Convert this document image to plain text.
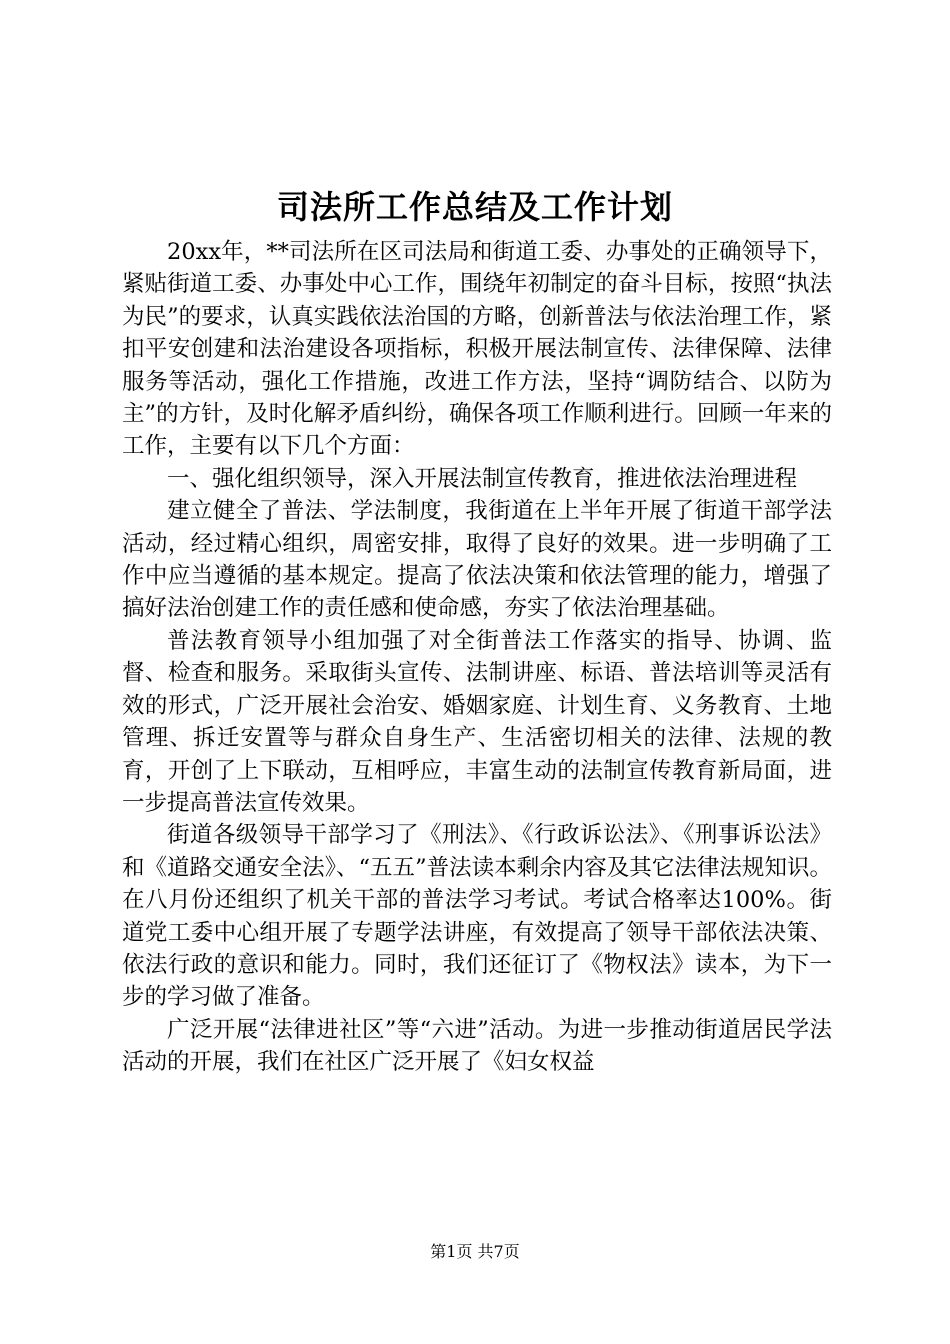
司法所工作总结及工作计划

20xx年，**司法所在区司法局和街道工委、办事处的正确领导下，紧贴街道工委、办事处中心工作，围绕年初制定的奋斗目标，按照“执法为民”的要求，认真实践依法治国的方略，创新普法与依法治理工作，紧扣平安创建和法治建设各项指标，积极开展法制宣传、法律保障、法律服务等活动，强化工作措施，改进工作方法，坚持“调防结合、以防为主”的方针，及时化解矛盾纠纷，确保各项工作顺利进行。回顾一年来的工作，主要有以下几个方面：

一、强化组织领导，深入开展法制宣传教育，推进依法治理进程

建立健全了普法、学法制度，我街道在上半年开展了街道干部学法活动，经过精心组织，周密安排，取得了良好的效果。进一步明确了工作中应当遵循的基本规定。提高了依法决策和依法管理的能力，增强了搞好法治创建工作的责任感和使命感，夯实了依法治理基础。

普法教育领导小组加强了对全街普法工作落实的指导、协调、监督、检查和服务。采取街头宣传、法制讲座、标语、普法培训等灵活有效的形式，广泛开展社会治安、婚姻家庭、计划生育、义务教育、土地管理、拆迁安置等与群众自身生产、生活密切相关的法律、法规的教育，开创了上下联动，互相呼应，丰富生动的法制宣传教育新局面，进一步提高普法宣传效果。

街道各级领导干部学习了《刑法》、《行政诉讼法》、《刑事诉讼法》和《道路交通安全法》、“五五”普法读本剩余内容及其它法律法规知识。在八月份还组织了机关干部的普法学习考试。考试合格率达100%。街道党工委中心组开展了专题学法讲座，有效提高了领导干部依法决策、依法行政的意识和能力。同时，我们还征订了《物权法》读本，为下一步的学习做了准备。

广泛开展“法律进社区”等“六进”活动。为进一步推动街道居民学法活动的开展，我们在社区广泛开展了《妇女权益

第1页 共7页
